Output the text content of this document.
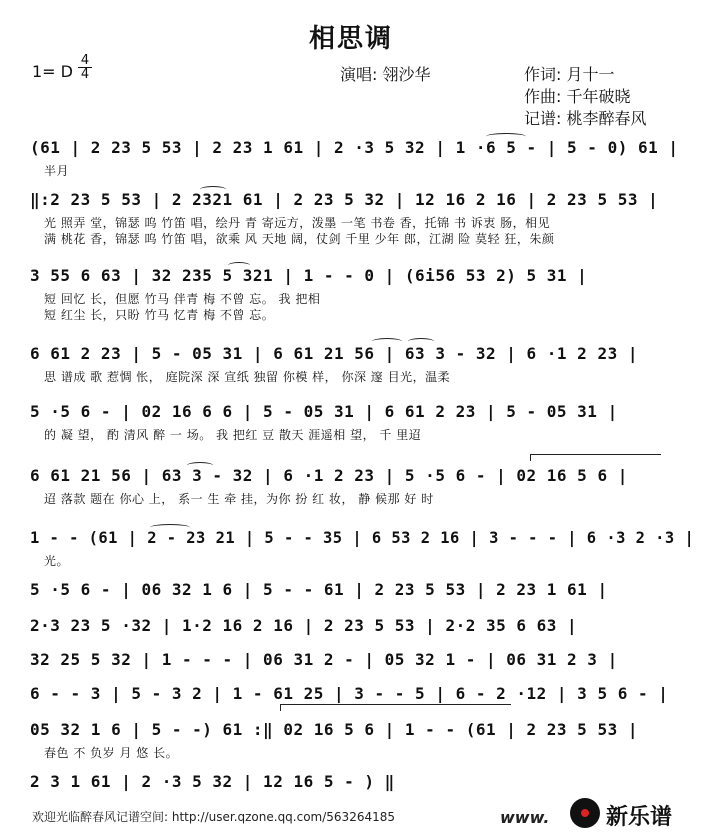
相思调
1= D
4
4	演唱: 翎沙华	作词: 月十一
作曲: 千年破晓
记谱: 桃李醉春风
(61 | 2 23 5 53 | 2 23 1 61 | 2 ·3 5 32 | 1 ·6 5 - | 5 - 0) 61 |
半月
‖:2 23 5 53 | 2 2321 61 | 2 23 5 32 | 12 16 2 16 | 2 23 5 53 |
光 照弄 堂，锦瑟 呜 竹笛 唱，绘丹 青 寄远方，泼墨 一笔 书卷 香，托锦 书 诉衷 肠，相见
满 桃花 香，锦瑟 呜 竹笛 唱，欲乘 风 天地 阔，仗剑 千里 少年 郎，江湖 险 莫轻 狂，朱颜
3 55 6 63 | 32 235 5 321 | 1 - - 0 | (6i56 53 2) 5 31 |
短 回忆 长，但愿 竹马 伴青 梅 不曾 忘。 我 把相
短 红尘 长，只盼 竹马 忆青 梅 不曾 忘。
6 61 2 23 | 5 - 05 31 | 6 61 21 56 | 63 3 - 32 | 6 ·1 2 23 |
思 谱成 歌 惹惆 怅， 庭院深 深 宣纸 独留 你模 样， 你深 邃 目光，温柔
5 ·5 6 - | 02 16 6 6 | 5 - 05 31 | 6 61 2 23 | 5 - 05 31 |
的 凝 望， 酌 清风 醉 一 场。 我 把红 豆 散天 涯遥相 望， 千 里迢
6 61 21 56 | 63 3 - 32 | 6 ·1 2 23 | 5 ·5 6 - | 02 16 5 6 |
迢 落款 题在 你心 上， 系一 生 牵 挂，为你 扮 红 妆， 静 候那 好 时
1 - - (61 | 2 - 23 21 | 5 - - 35 | 6 53 2 16 | 3 - - - | 6 ·3 2 ·3 |
光。
5 ·5 6 - | 06 32 1 6 | 5 - - 61 | 2 23 5 53 | 2 23 1 61 |
2·3 23 5 ·32 | 1·2 16 2 16 | 2 23 5 53 | 2·2 35 6 63 |
32 25 5 32 | 1 - - - | 06 31 2 - | 05 32 1 - | 06 31 2 3 |
6 - - 3 | 5 - 3 2 | 1 - 61 25 | 3 - - 5 | 6 - 2 ·12 | 3 5 6 - |
05 32 1 6 | 5 - -) 61 :‖ 02 16 5 6 | 1 - - (61 | 2 23 5 53 |
春色 不 负岁 月 悠 长。
2 3 1 61 | 2 ·3 5 32 | 12 16 5 - ) ‖
欢迎光临醉春风记谱空间: http://user.qzone.qq.com/563264185	www.	新乐谱
